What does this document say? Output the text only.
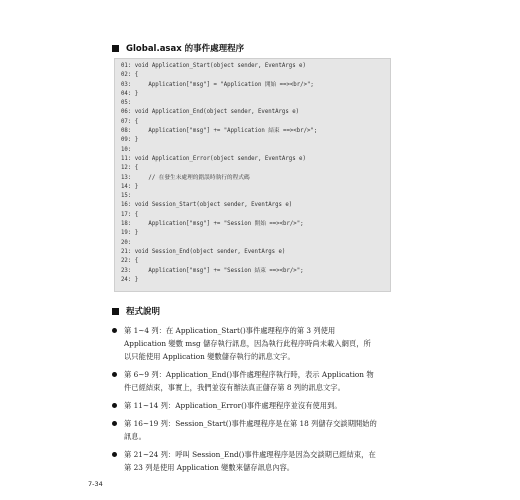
Global.asax 的事件處理程序
01: void Application_Start(object sender, EventArgs e)
02: {
03:     Application["msg"] = "Application 開始 ==><br/>";
04: }
05:
06: void Application_End(object sender, EventArgs e)
07: {
08:     Application["msg"] += "Application 結束 ==><br/>";
09: }
10:
11: void Application_Error(object sender, EventArgs e)
12: {
13:     // 在發生未處理的錯誤時執行的程式碼
14: }
15:
16: void Session_Start(object sender, EventArgs e)
17: {
18:     Application["msg"] += "Session 開始 ==><br/>";
19: }
20:
21: void Session_End(object sender, EventArgs e)
22: {
23:     Application["msg"] += "Session 結束 ==><br/>";
24: }
程式說明
第 1~4 列：在 Application_Start()事件處理程序的第 3 列使用
Application 變數 msg 儲存執行訊息，因為執行此程序時尚未載入網頁，所
以只能使用 Application 變數儲存執行的訊息文字。
第 6~9 列：Application_End()事件處理程序執行時，表示 Application 物
件已經結束，事實上，我們並沒有辦法真正儲存第 8 列的訊息文字。
第 11~14 列：Application_Error()事件處理程序並沒有使用到。
第 16~19 列：Session_Start()事件處理程序是在第 18 列儲存交談期開始的
訊息。
第 21~24 列：呼叫 Session_End()事件處理程序是因為交談期已經結束，在
第 23 列是使用 Application 變數來儲存訊息內容。
7-34
